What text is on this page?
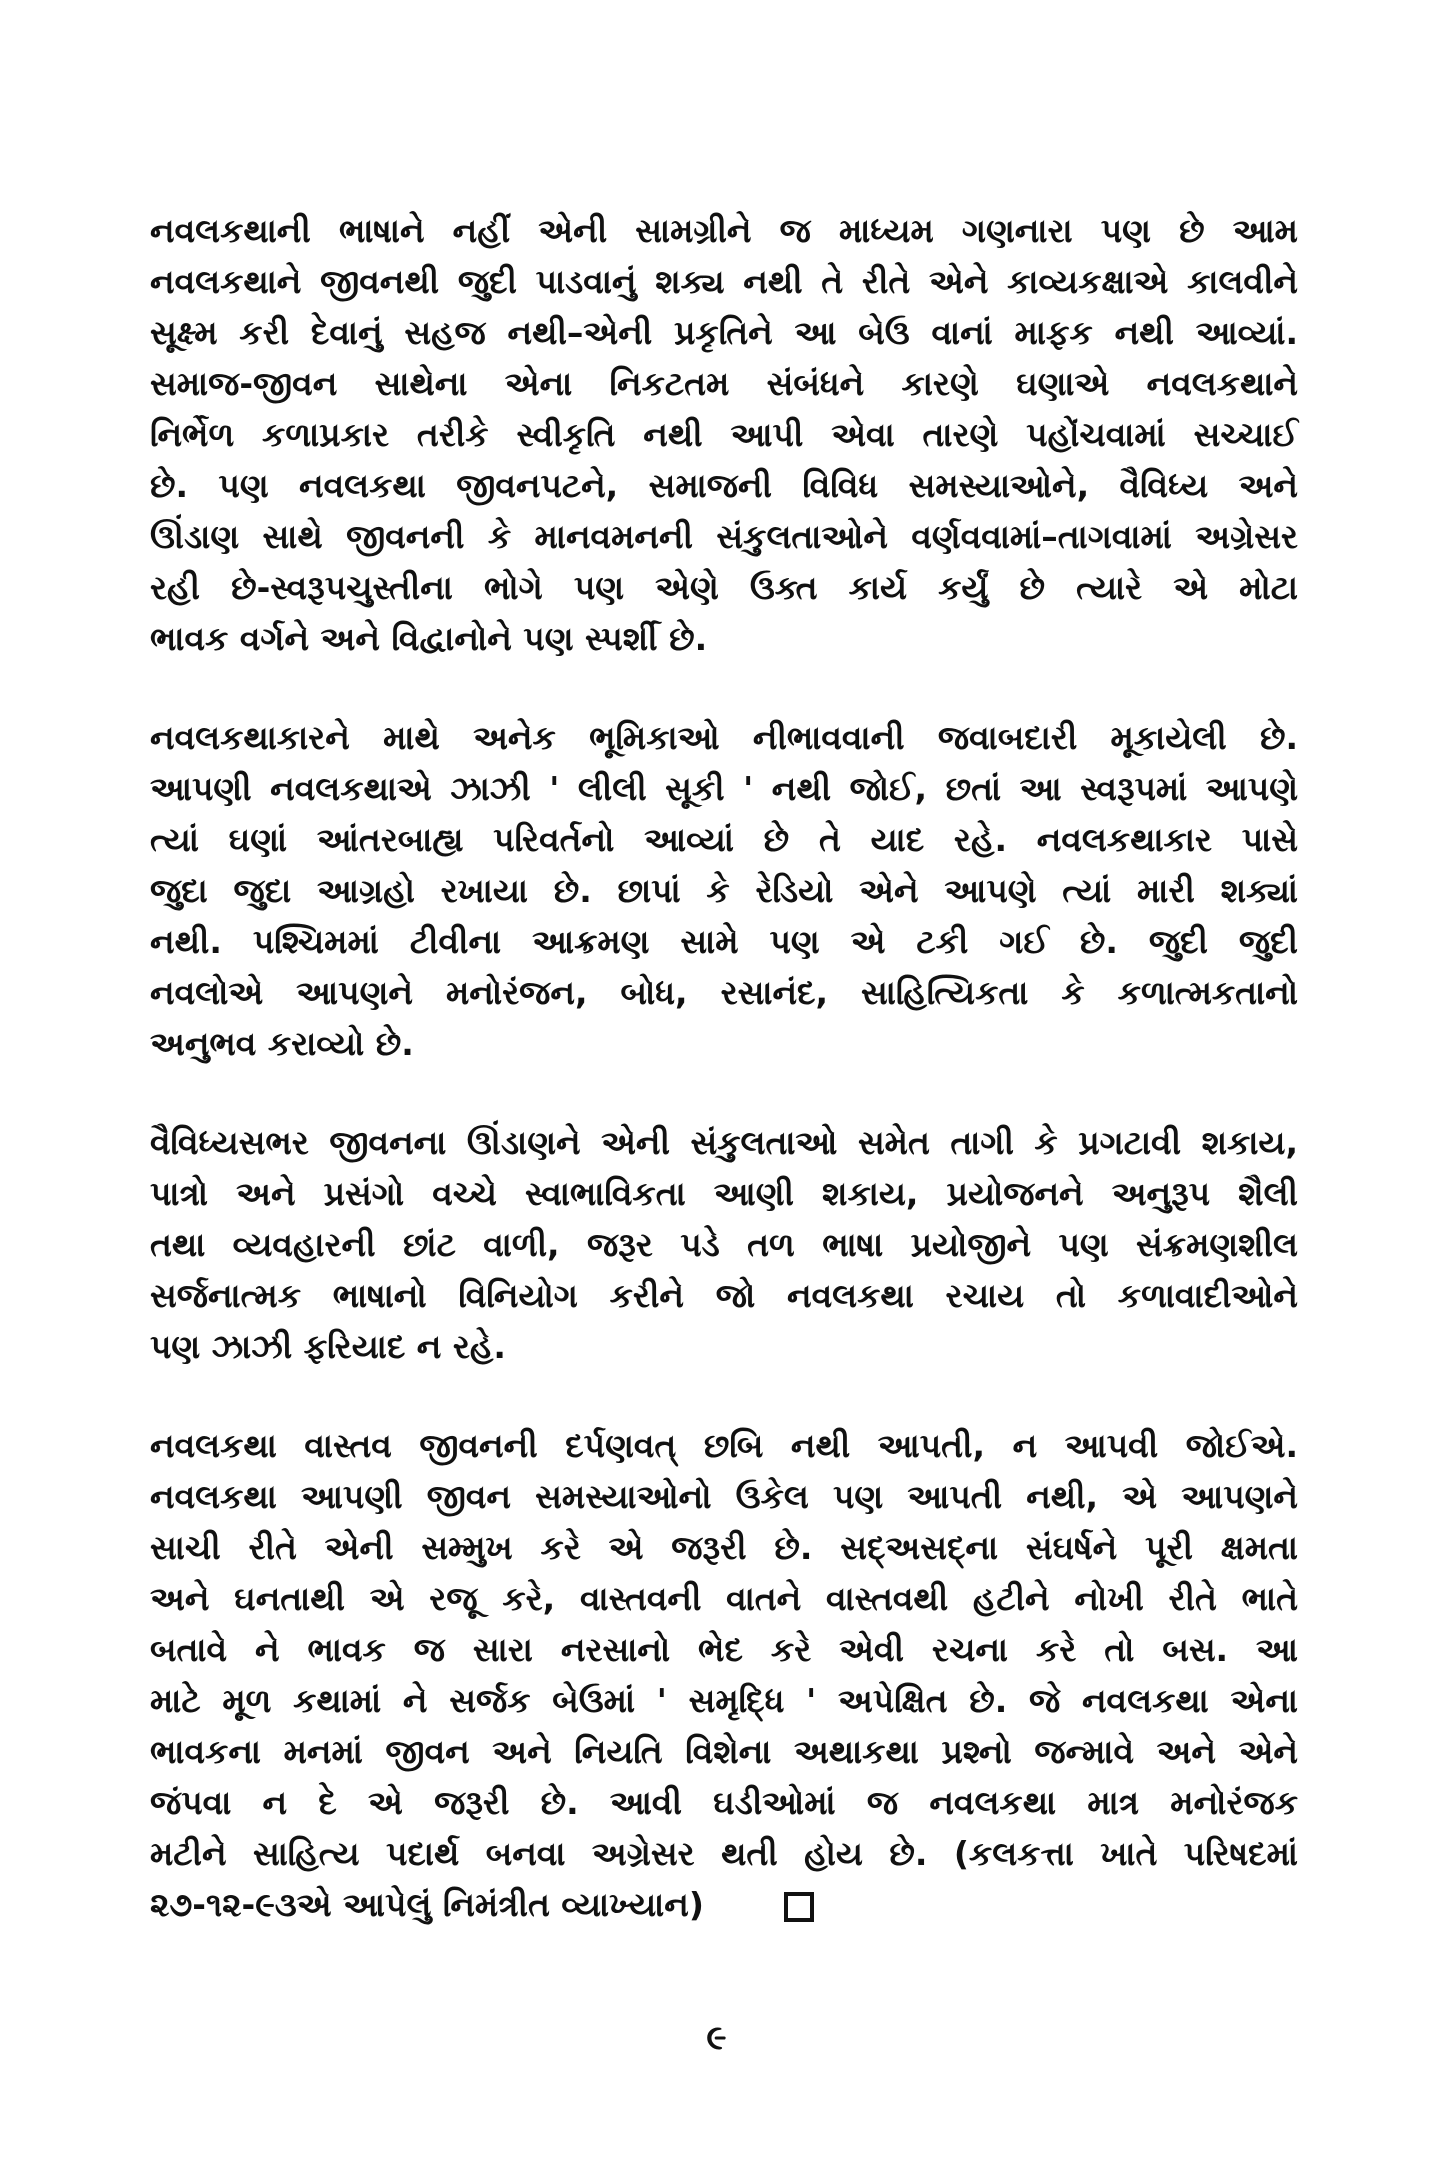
નવલકથાની ભાષાને નહીં એની સામગ્રીને જ માધ્યમ ગણનારા પણ છે આમ
નવલકથાને જીવનથી જુદી પાડવાનું શક્ય નથી તે રીતે એને કાવ્યકક્ષાએ કાલવીને
સૂક્ષ્મ કરી દેવાનું સહજ નથી–એની પ્રકૃતિને આ બેઉ વાનાં માફક નથી આવ્યાં.
સમાજ-જીવન સાથેના એના નિકટતમ સંબંધને કારણે ઘણાએ નવલકથાને
નિર્ભેળ કળાપ્રકાર તરીકે સ્વીકૃતિ નથી આપી એવા તારણે પહોંચવામાં સચ્ચાઈ
છે. પણ નવલકથા જીવનપટને, સમાજની વિવિધ સમસ્યાઓને, વૈવિધ્ય અને
ઊંડાણ સાથે જીવનની કે માનવમનની સંકુલતાઓને વર્ણવવામાં–તાગવામાં અગ્રેસર
રહી છે-સ્વરૂપચુસ્તીના ભોગે પણ એણે ઉક્ત કાર્ય કર્યું છે ત્યારે એ મોટા
ભાવક વર્ગને અને વિદ્વાનોને પણ સ્પર્શી છે.
નવલકથાકારને માથે અનેક ભૂમિકાઓ નીભાવવાની જવાબદારી મૂકાયેલી છે.
આપણી નવલકથાએ ઝાઝી ' લીલી સૂકી ' નથી જોઈ, છતાં આ સ્વરૂપમાં આપણે
ત્યાં ઘણાં આંતરબાહ્ય પરિવર્તનો આવ્યાં છે તે યાદ રહે. નવલકથાકાર પાસે
જુદા જુદા આગ્રહો રખાયા છે. છાપાં કે રેડિયો એને આપણે ત્યાં મારી શક્યાં
નથી. પશ્ચિમમાં ટીવીના આક્રમણ સામે પણ એ ટકી ગઈ છે. જુદી જુદી
નવલોએ આપણને મનોરંજન, બોધ, રસાનંદ, સાહિત્યિકતા કે કળાત્મકતાનો
અનુભવ કરાવ્યો છે.
વૈવિધ્યસભર જીવનના ઊંડાણને એની સંકુલતાઓ સમેત તાગી કે પ્રગટાવી શકાય,
પાત્રો અને પ્રસંગો વચ્ચે સ્વાભાવિકતા આણી શકાય, પ્રયોજનને અનુરૂપ શૈલી
તથા વ્યવહારની છાંટ વાળી, જરૂર પડે તળ ભાષા પ્રયોજીને પણ સંક્રમણશીલ
સર્જનાત્મક ભાષાનો વિનિયોગ કરીને જો નવલકથા રચાય તો કળાવાદીઓને
પણ ઝાઝી ફરિયાદ ન રહે.
નવલકથા વાસ્તવ જીવનની દર્પણવત્ છબિ નથી આપતી, ન આપવી જોઈએ.
નવલકથા આપણી જીવન સમસ્યાઓનો ઉકેલ પણ આપતી નથી, એ આપણને
સાચી રીતે એની સમ્મુખ કરે એ જરૂરી છે. સદ્અસદ્ના સંઘર્ષને પૂરી ક્ષમતા
અને ઘનતાથી એ રજૂ કરે, વાસ્તવની વાતને વાસ્તવથી હટીને નોખી રીતે ભાતે
બતાવે ને ભાવક જ સારા નરસાનો ભેદ કરે એવી રચના કરે તો બસ. આ
માટે મૂળ કથામાં ને સર્જક બેઉમાં ' સમૃદ્ધિ ' અપેક્ષિત છે. જે નવલકથા એના
ભાવકના મનમાં જીવન અને નિયતિ વિશેના અથાકથા પ્રશ્નો જન્માવે અને એને
જંપવા ન દે એ જરૂરી છે. આવી ઘડીઓમાં જ નવલકથા માત્ર મનોરંજક
મટીને સાહિત્ય પદાર્થ બનવા અગ્રેસર થતી હોય છે. (કલકત્તા ખાતે પરિષદમાં
૨૭-૧૨-૯૩એ આપેલું નિમંત્રીત વ્યાખ્યાન)
૯
